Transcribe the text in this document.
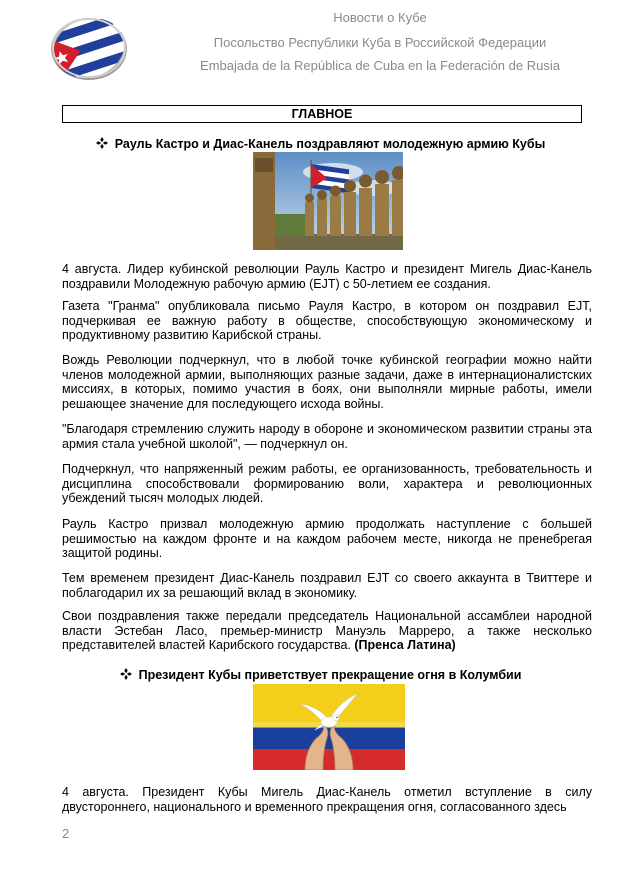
Новости о Кубе
Посольство Республики Куба в Российской Федерации
Embajada de la República de Cuba en la Federación de Rusia
ГЛАВНОЕ
Рауль Кастро и Диас-Канель поздравляют молодежную армию Кубы
4 августа. Лидер кубинской революции Рауль Кастро и президент Мигель Диас-Канель поздравили Молодежную рабочую армию (EJT) с 50-летием ее создания.
Газета "Гранма" опубликовала письмо Рауля Кастро, в котором он поздравил EJT, подчеркивая ее важную работу в обществе, способствующую экономическому и продуктивному развитию Карибской страны.
Вождь Революции подчеркнул, что в любой точке кубинской географии можно найти членов молодежной армии, выполняющих разные задачи, даже в интернационалистских миссиях, в которых, помимо участия в боях, они выполняли мирные работы, имели решающее значение для последующего исхода войны.
"Благодаря стремлению служить народу в обороне и экономическом развитии страны эта армия стала учебной школой", — подчеркнул он.
Подчеркнул, что напряженный режим работы, ее организованность, требовательность и дисциплина способствовали формированию воли, характера и революционных убеждений тысяч молодых людей.
Рауль Кастро призвал молодежную армию продолжать наступление с большей решимостью на каждом фронте и на каждом рабочем месте, никогда не пренебрегая защитой родины.
Тем временем президент Диас-Канель поздравил EJT со своего аккаунта в Твиттере и поблагодарил их за решающий вклад в экономику.
Свои поздравления также передали председатель Национальной ассамблеи народной власти Эстебан Ласо, премьер-министр Мануэль Марреро, а также несколько представителей властей Карибского государства. (Пренса Латина)
Президент Кубы приветствует прекращение огня в Колумбии
4 августа. Президент Кубы Мигель Диас-Канель отметил вступление в силу двустороннего, национального и временного прекращения огня, согласованного здесь
2
